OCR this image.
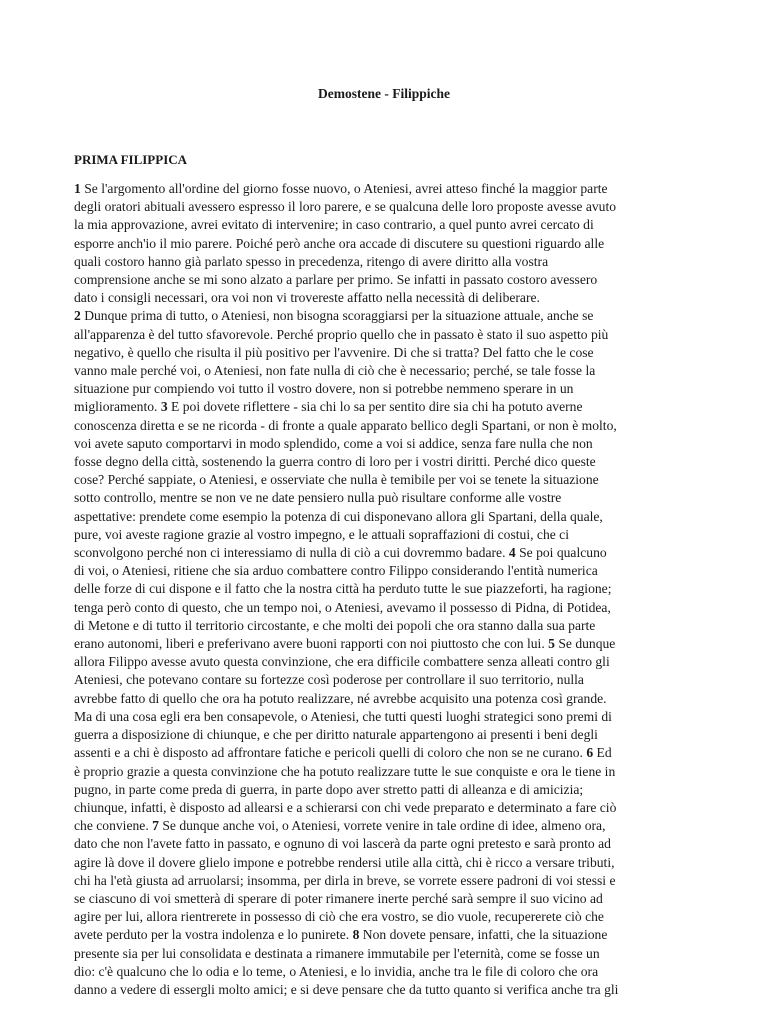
Demostene - Filippiche
PRIMA FILIPPICA
1 Se l'argomento all'ordine del giorno fosse nuovo, o Ateniesi, avrei atteso finché la maggior parte
degli oratori abituali avessero espresso il loro parere, e se qualcuna delle loro proposte avesse avuto
la mia approvazione, avrei evitato di intervenire; in caso contrario, a quel punto avrei cercato di
esporre anch'io il mio parere. Poiché però anche ora accade di discutere su questioni riguardo alle
quali costoro hanno già parlato spesso in precedenza, ritengo di avere diritto alla vostra
comprensione anche se mi sono alzato a parlare per primo. Se infatti in passato costoro avessero
dato i consigli necessari, ora voi non vi trovereste affatto nella necessità di deliberare.
2 Dunque prima di tutto, o Ateniesi, non bisogna scoraggiarsi per la situazione attuale, anche se
all'apparenza è del tutto sfavorevole. Perché proprio quello che in passato è stato il suo aspetto più
negativo, è quello che risulta il più positivo per l'avvenire. Di che si tratta? Del fatto che le cose
vanno male perché voi, o Ateniesi, non fate nulla di ciò che è necessario; perché, se tale fosse la
situazione pur compiendo voi tutto il vostro dovere, non si potrebbe nemmeno sperare in un
miglioramento. 3 E poi dovete riflettere - sia chi lo sa per sentito dire sia chi ha potuto averne
conoscenza diretta e se ne ricorda - di fronte a quale apparato bellico degli Spartani, or non è molto,
voi avete saputo comportarvi in modo splendido, come a voi si addice, senza fare nulla che non
fosse degno della città, sostenendo la guerra contro di loro per i vostri diritti. Perché dico queste
cose? Perché sappiate, o Ateniesi, e osserviate che nulla è temibile per voi se tenete la situazione
sotto controllo, mentre se non ve ne date pensiero nulla può risultare conforme alle vostre
aspettative: prendete come esempio la potenza di cui disponevano allora gli Spartani, della quale,
pure, voi aveste ragione grazie al vostro impegno, e le attuali sopraffazioni di costui, che ci
sconvolgono perché non ci interessiamo di nulla di ciò a cui dovremmo badare. 4 Se poi qualcuno
di voi, o Ateniesi, ritiene che sia arduo combattere contro Filippo considerando l'entità numerica
delle forze di cui dispone e il fatto che la nostra città ha perduto tutte le sue piazzeforti, ha ragione;
tenga però conto di questo, che un tempo noi, o Ateniesi, avevamo il possesso di Pidna, di Potidea,
di Metone e di tutto il territorio circostante, e che molti dei popoli che ora stanno dalla sua parte
erano autonomi, liberi e preferivano avere buoni rapporti con noi piuttosto che con lui. 5 Se dunque
allora Filippo avesse avuto questa convinzione, che era difficile combattere senza alleati contro gli
Ateniesi, che potevano contare su fortezze così poderose per controllare il suo territorio, nulla
avrebbe fatto di quello che ora ha potuto realizzare, né avrebbe acquisito una potenza così grande.
Ma di una cosa egli era ben consapevole, o Ateniesi, che tutti questi luoghi strategici sono premi di
guerra a disposizione di chiunque, e che per diritto naturale appartengono ai presenti i beni degli
assenti e a chi è disposto ad affrontare fatiche e pericoli quelli di coloro che non se ne curano. 6 Ed
è proprio grazie a questa convinzione che ha potuto realizzare tutte le sue conquiste e ora le tiene in
pugno, in parte come preda di guerra, in parte dopo aver stretto patti di alleanza e di amicizia;
chiunque, infatti, è disposto ad allearsi e a schierarsi con chi vede preparato e determinato a fare ciò
che conviene. 7 Se dunque anche voi, o Ateniesi, vorrete venire in tale ordine di idee, almeno ora,
dato che non l'avete fatto in passato, e ognuno di voi lascerà da parte ogni pretesto e sarà pronto ad
agire là dove il dovere glielo impone e potrebbe rendersi utile alla città, chi è ricco a versare tributi,
chi ha l'età giusta ad arruolarsi; insomma, per dirla in breve, se vorrete essere padroni di voi stessi e
se ciascuno di voi smetterà di sperare di poter rimanere inerte perché sarà sempre il suo vicino ad
agire per lui, allora rientrerete in possesso di ciò che era vostro, se dio vuole, recupererete ciò che
avete perduto per la vostra indolenza e lo punirete. 8 Non dovete pensare, infatti, che la situazione
presente sia per lui consolidata e destinata a rimanere immutabile per l'eternità, come se fosse un
dio: c'è qualcuno che lo odia e lo teme, o Ateniesi, e lo invidia, anche tra le file di coloro che ora
danno a vedere di essergli molto amici; e si deve pensare che da tutto quanto si verifica anche tra gli
